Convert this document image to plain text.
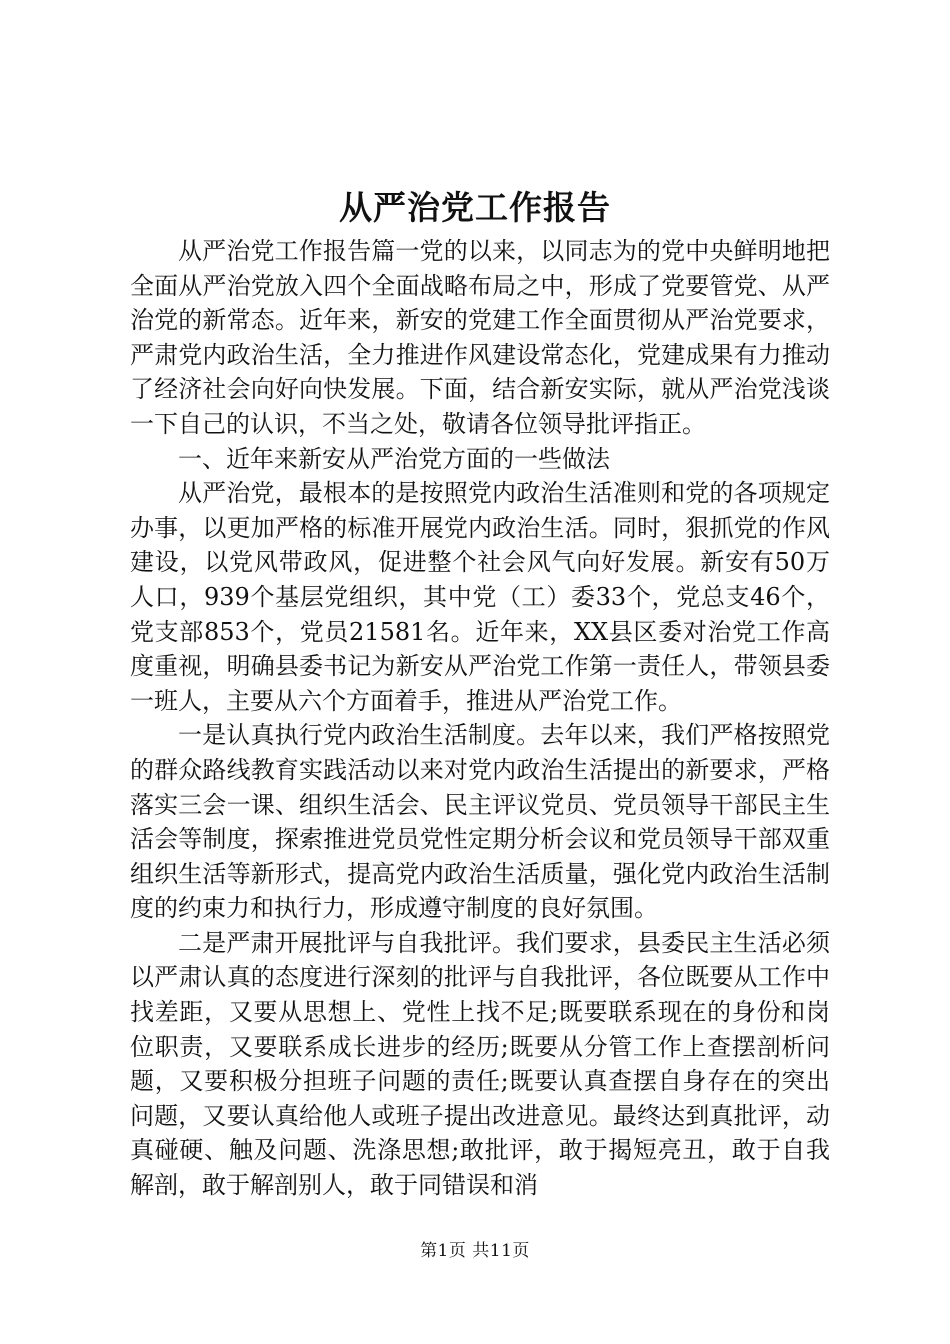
从严治党工作报告

从严治党工作报告篇一党的以来，以同志为的党中央鲜明地把全面从严治党放入四个全面战略布局之中，形成了党要管党、从严治党的新常态。近年来，新安的党建工作全面贯彻从严治党要求，严肃党内政治生活，全力推进作风建设常态化，党建成果有力推动了经济社会向好向快发展。下面，结合新安实际，就从严治党浅谈一下自己的认识，不当之处，敬请各位领导批评指正。

一、近年来新安从严治党方面的一些做法

从严治党，最根本的是按照党内政治生活准则和党的各项规定办事，以更加严格的标准开展党内政治生活。同时，狠抓党的作风建设，以党风带政风，促进整个社会风气向好发展。新安有50万人口，939个基层党组织，其中党（工）委33个，党总支46个，党支部853个，党员21581名。近年来，XX县区委对治党工作高度重视，明确县委书记为新安从严治党工作第一责任人，带领县委一班人，主要从六个方面着手，推进从严治党工作。

一是认真执行党内政治生活制度。去年以来，我们严格按照党的群众路线教育实践活动以来对党内政治生活提出的新要求，严格落实三会一课、组织生活会、民主评议党员、党员领导干部民主生活会等制度，探索推进党员党性定期分析会议和党员领导干部双重组织生活等新形式，提高党内政治生活质量，强化党内政治生活制度的约束力和执行力，形成遵守制度的良好氛围。

二是严肃开展批评与自我批评。我们要求，县委民主生活必须以严肃认真的态度进行深刻的批评与自我批评，各位既要从工作中找差距，又要从思想上、党性上找不足;既要联系现在的身份和岗位职责，又要联系成长进步的经历;既要从分管工作上查摆剖析问题，又要积极分担班子问题的责任;既要认真查摆自身存在的突出问题，又要认真给他人或班子提出改进意见。最终达到真批评，动真碰硬、触及问题、洗涤思想;敢批评，敢于揭短亮丑，敢于自我解剖，敢于解剖别人，敢于同错误和消

第1页 共11页
